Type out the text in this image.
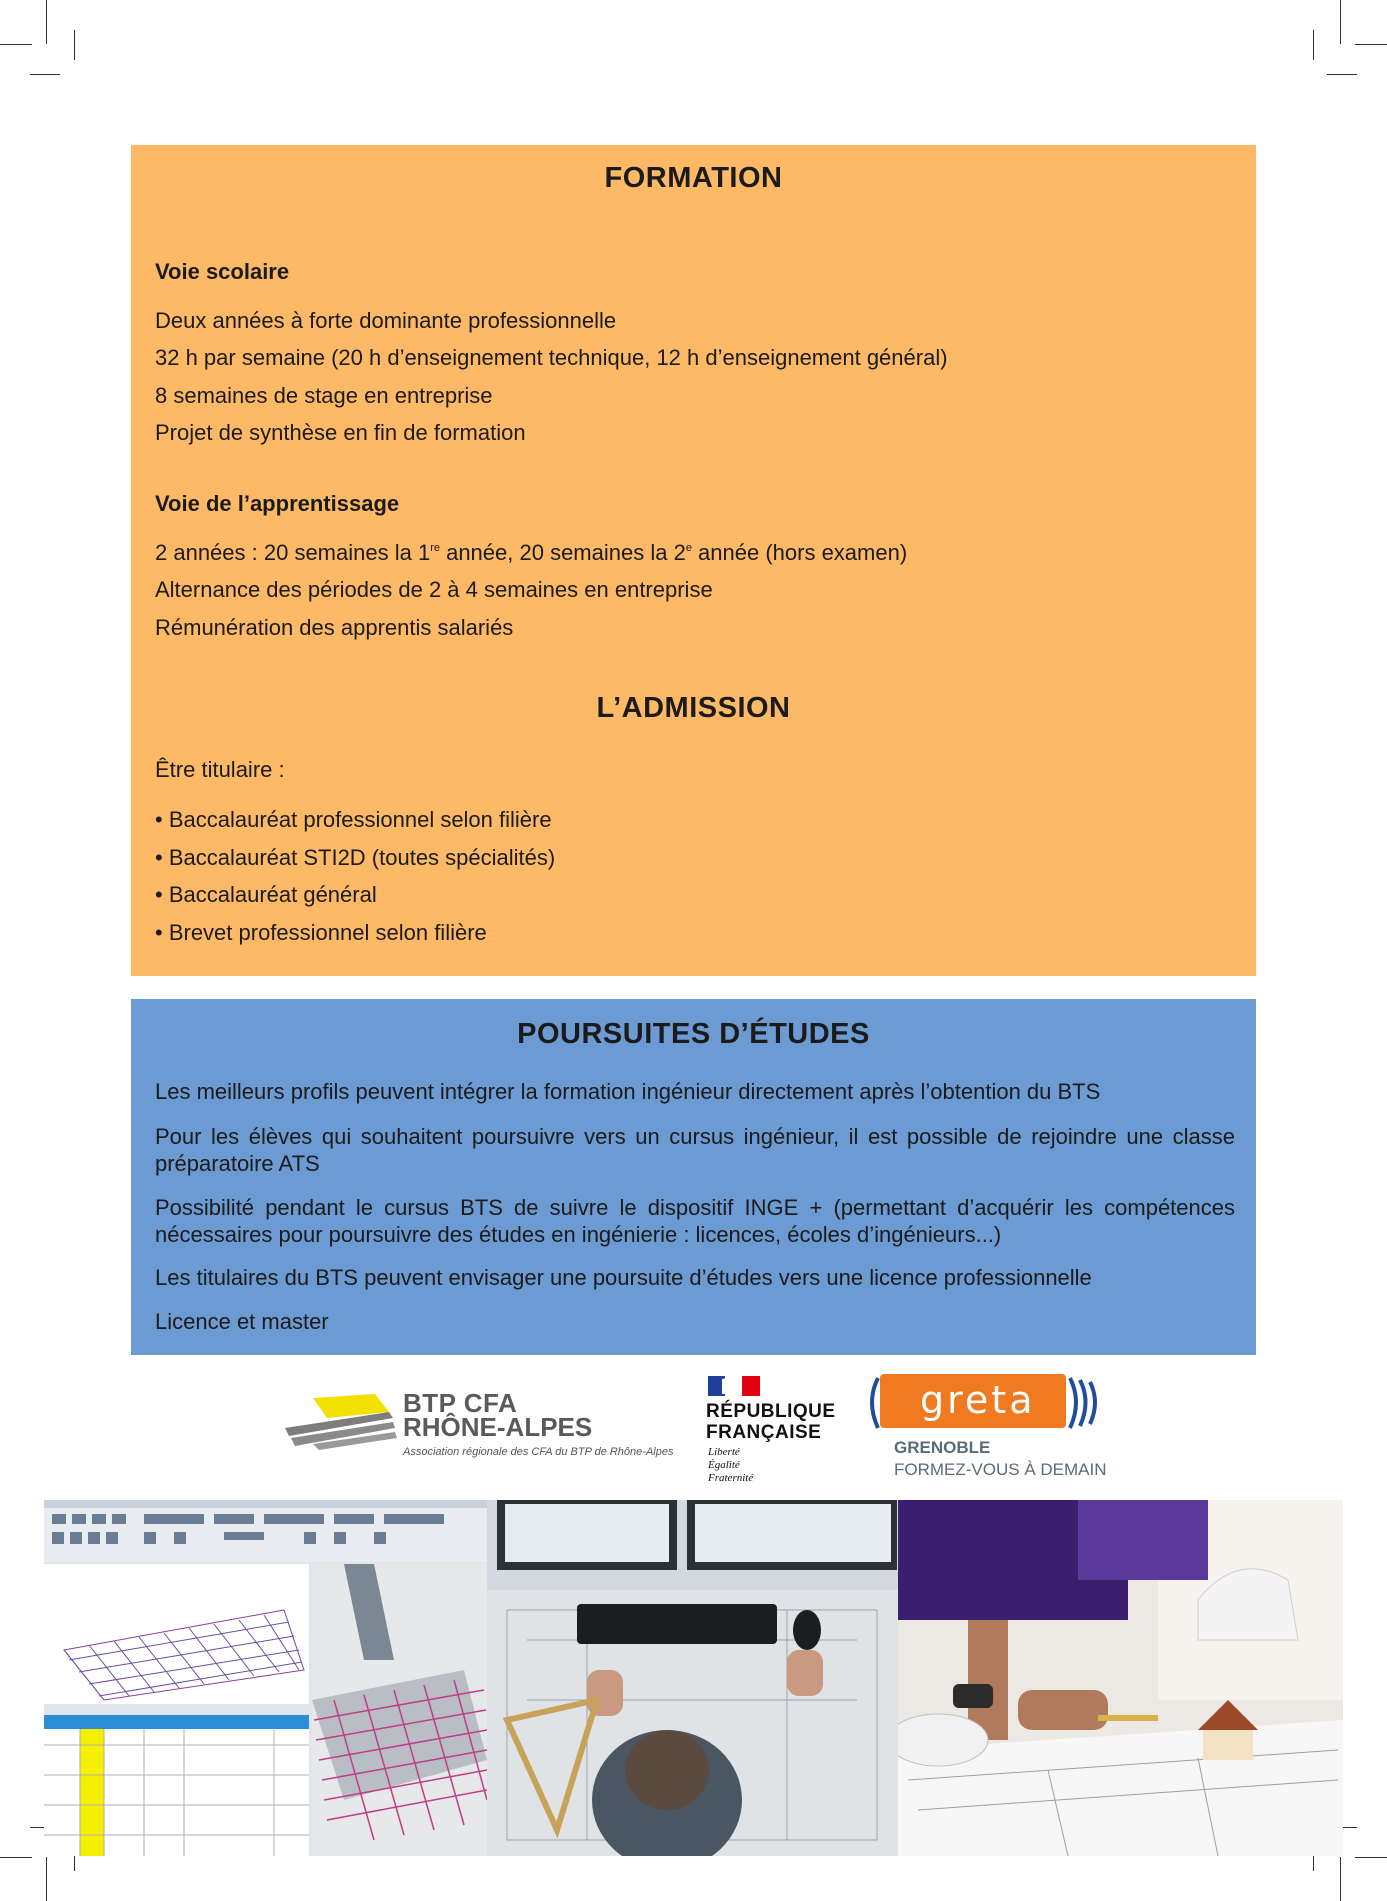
FORMATION
Voie scolaire
Deux années à forte dominante professionnelle
32 h par semaine (20 h d’enseignement technique, 12 h d’enseignement général)
8 semaines de stage en entreprise
Projet de synthèse en fin de formation
Voie de l’apprentissage
2 années : 20 semaines la 1re année, 20 semaines la 2e année (hors examen)
Alternance des périodes de 2 à 4 semaines en entreprise
Rémunération des apprentis salariés
L’ADMISSION
Être titulaire :
• Baccalauréat professionnel selon filière
• Baccalauréat STI2D (toutes spécialités)
• Baccalauréat général
• Brevet professionnel selon filière
POURSUITES D’ÉTUDES
Les meilleurs profils peuvent intégrer la formation ingénieur directement après l’obtention du BTS
Pour les élèves qui souhaitent poursuivre vers un cursus ingénieur, il est possible de rejoindre une classe préparatoire ATS
Possibilité pendant le cursus BTS de suivre le dispositif INGE + (permettant d’acquérir les compétences nécessaires pour poursuivre des études en ingénierie : licences, écoles d’ingénieurs...)
Les titulaires du BTS peuvent envisager une poursuite d’études vers une licence professionnelle
Licence et master
BTP CFA
RHÔNE-ALPES
Association régionale des CFA du BTP de Rhône-Alpes
RÉPUBLIQUE
FRANÇAISE
Liberté
Égalité
Fraternité
greta
GRENOBLE
FORMEZ-VOUS À DEMAIN
